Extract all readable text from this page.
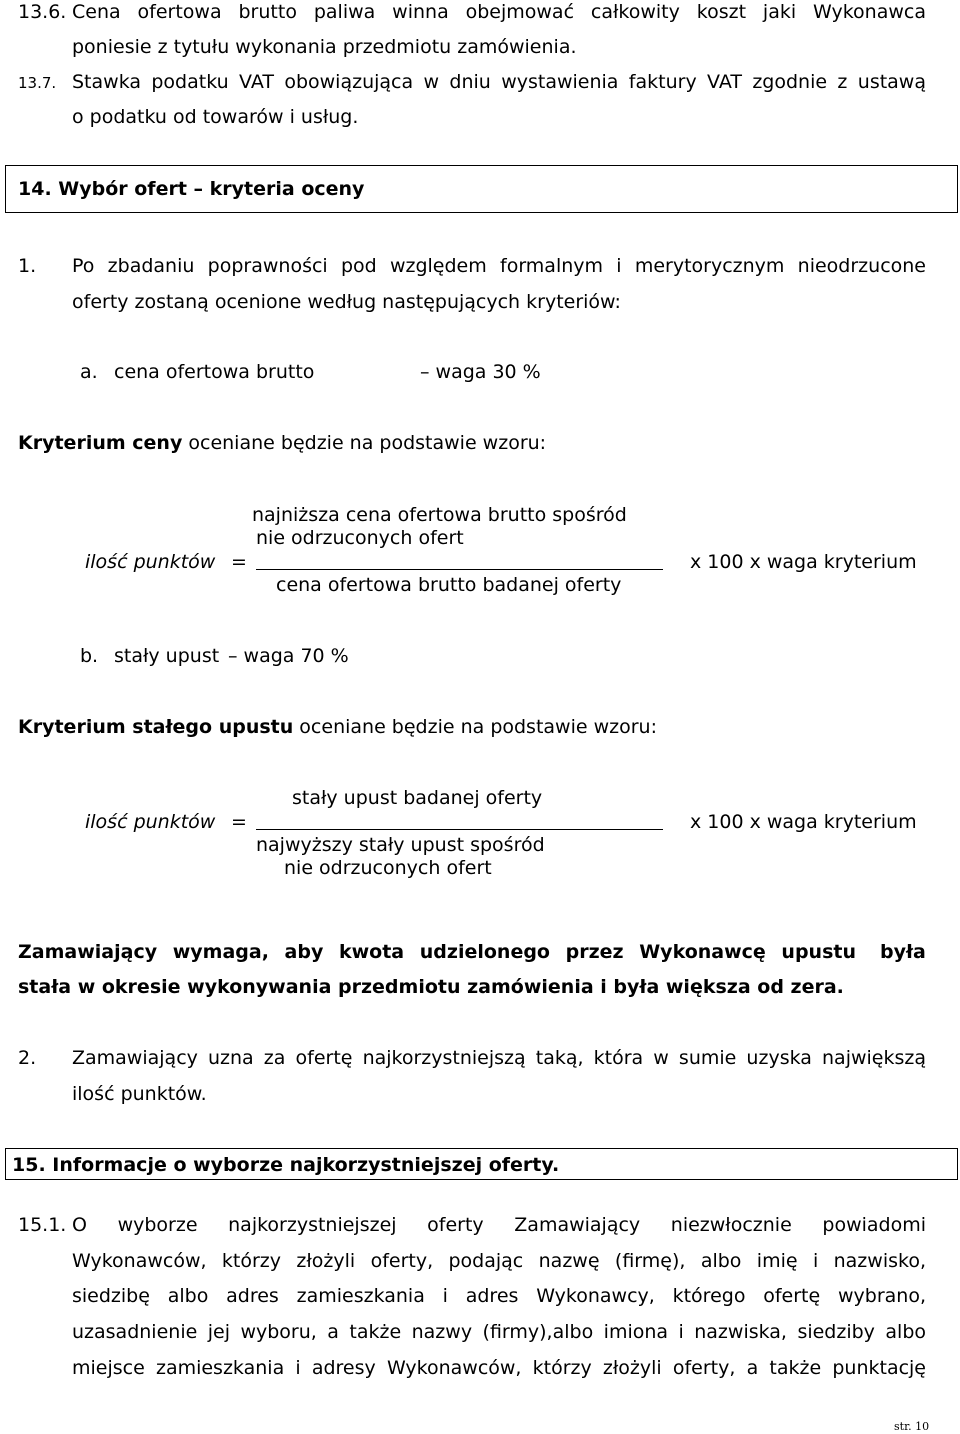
13.6. Cena ofertowa brutto paliwa winna obejmować całkowity koszt jaki Wykonawca
poniesie z tytułu wykonania przedmiotu zamówienia.
13.7. Stawka podatku VAT obowiązująca w dniu wystawienia faktury VAT zgodnie z ustawą
o podatku od towarów i usług.
14. Wybór ofert – kryteria oceny
1. Po zbadaniu poprawności pod względem formalnym i merytorycznym nieodrzucone
oferty zostaną ocenione według następujących kryteriów:
a. cena ofertowa brutto	– waga 30 %
Kryterium ceny oceniane będzie na podstawie wzoru:
najniższa cena ofertowa brutto spośród
nie odrzuconych ofert
ilość punktów =	x 100 x waga kryterium
cena ofertowa brutto badanej oferty
b. stały upust – waga 70 %
Kryterium stałego upustu oceniane będzie na podstawie wzoru:
stały upust badanej oferty
ilość punktów =	x 100 x waga kryterium
najwyższy stały upust spośród
nie odrzuconych ofert
Zamawiający wymaga, aby kwota udzielonego przez Wykonawcę upustu była
stała w okresie wykonywania przedmiotu zamówienia i była większa od zera.
2. Zamawiający uzna za ofertę najkorzystniejszą taką, która w sumie uzyska największą
ilość punktów.
15. Informacje o wyborze najkorzystniejszej oferty.
15.1. O wyborze najkorzystniejszej oferty Zamawiający niezwłocznie powiadomi
Wykonawców, którzy złożyli oferty, podając nazwę (firmę), albo imię i nazwisko,
siedzibę albo adres zamieszkania i adres Wykonawcy, którego ofertę wybrano,
uzasadnienie jej wyboru, a także nazwy (firmy),albo imiona i nazwiska, siedziby albo
miejsce zamieszkania i adresy Wykonawców, którzy złożyli oferty, a także punktację
str. 10
